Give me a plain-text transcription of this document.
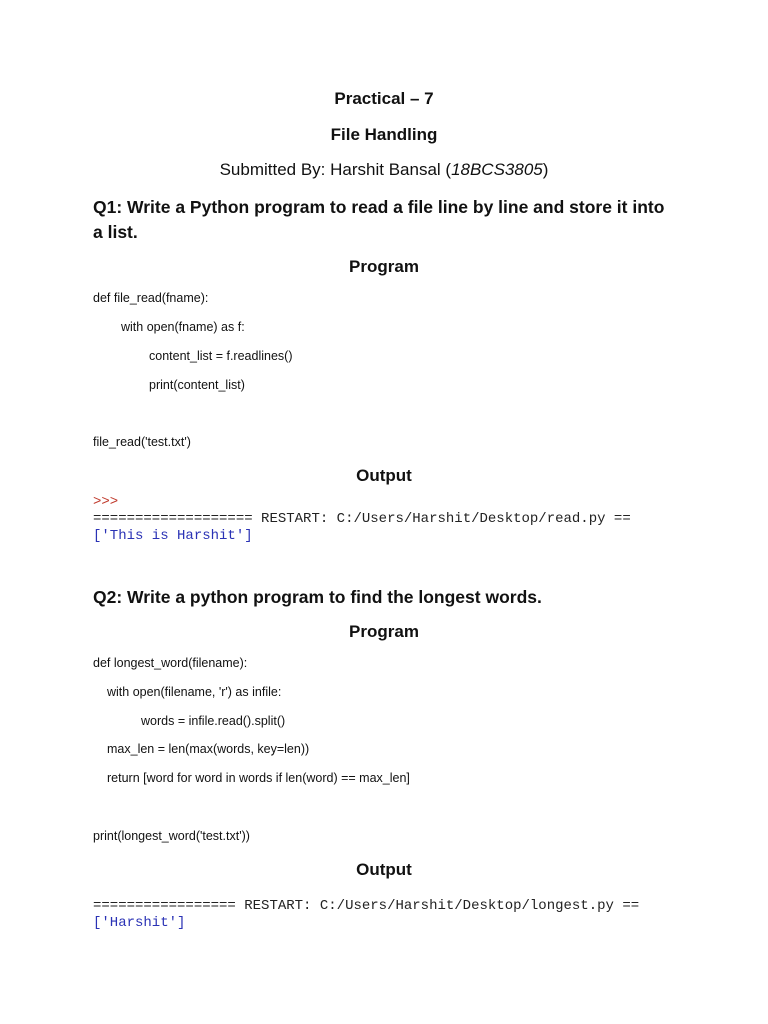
Practical – 7
File Handling
Submitted By: Harshit Bansal (18BCS3805)
Q1: Write a Python program to read a file line by line and store it into a list.
Program
def file_read(fname):
with open(fname) as f:
content_list = f.readlines()
print(content_list)
file_read('test.txt')
Output
>>>
=================== RESTART: C:/Users/Harshit/Desktop/read.py ==
['This is Harshit']
Q2: Write a python program to find the longest words.
Program
def longest_word(filename):
with open(filename, 'r') as infile:
words = infile.read().split()
max_len = len(max(words, key=len))
return [word for word in words if len(word) == max_len]
print(longest_word('test.txt'))
Output
================= RESTART: C:/Users/Harshit/Desktop/longest.py ==
['Harshit']
